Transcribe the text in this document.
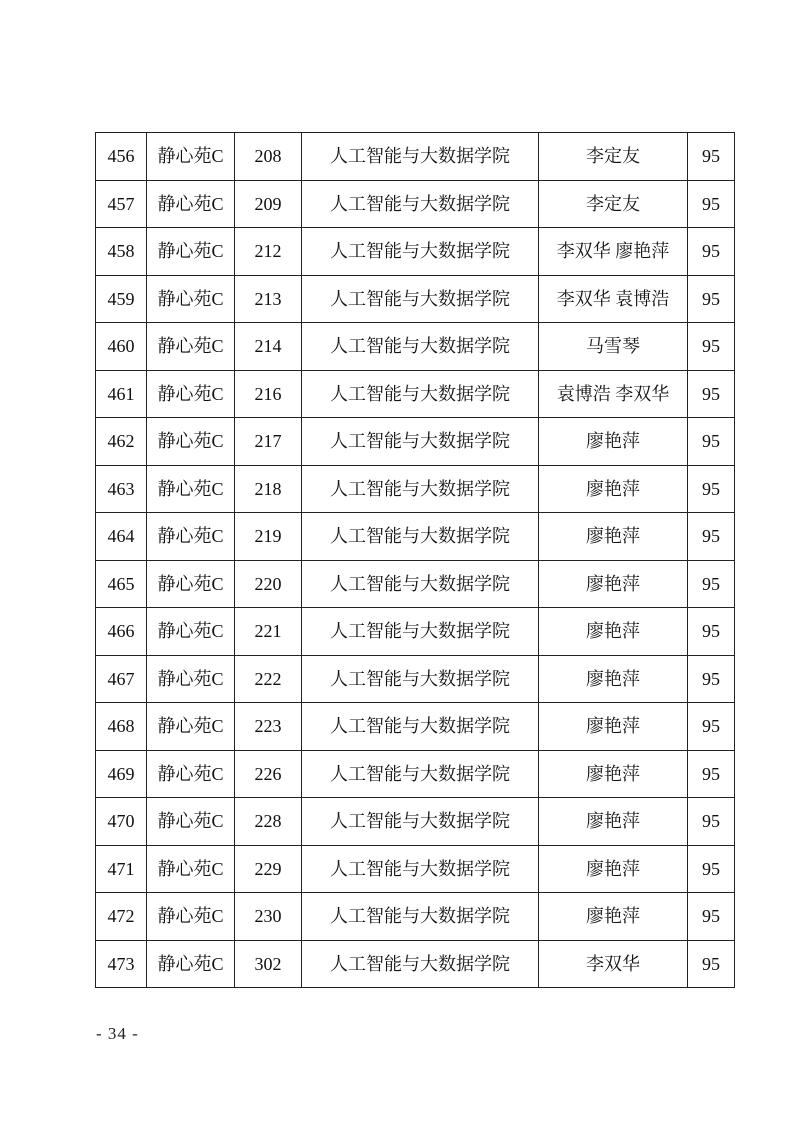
456	静心苑C	208	人工智能与大数据学院	李定友	95
457	静心苑C	209	人工智能与大数据学院	李定友	95
458	静心苑C	212	人工智能与大数据学院	李双华 廖艳萍	95
459	静心苑C	213	人工智能与大数据学院	李双华 袁博浩	95
460	静心苑C	214	人工智能与大数据学院	马雪琴	95
461	静心苑C	216	人工智能与大数据学院	袁博浩 李双华	95
462	静心苑C	217	人工智能与大数据学院	廖艳萍	95
463	静心苑C	218	人工智能与大数据学院	廖艳萍	95
464	静心苑C	219	人工智能与大数据学院	廖艳萍	95
465	静心苑C	220	人工智能与大数据学院	廖艳萍	95
466	静心苑C	221	人工智能与大数据学院	廖艳萍	95
467	静心苑C	222	人工智能与大数据学院	廖艳萍	95
468	静心苑C	223	人工智能与大数据学院	廖艳萍	95
469	静心苑C	226	人工智能与大数据学院	廖艳萍	95
470	静心苑C	228	人工智能与大数据学院	廖艳萍	95
471	静心苑C	229	人工智能与大数据学院	廖艳萍	95
472	静心苑C	230	人工智能与大数据学院	廖艳萍	95
473	静心苑C	302	人工智能与大数据学院	李双华	95
- 34 -
